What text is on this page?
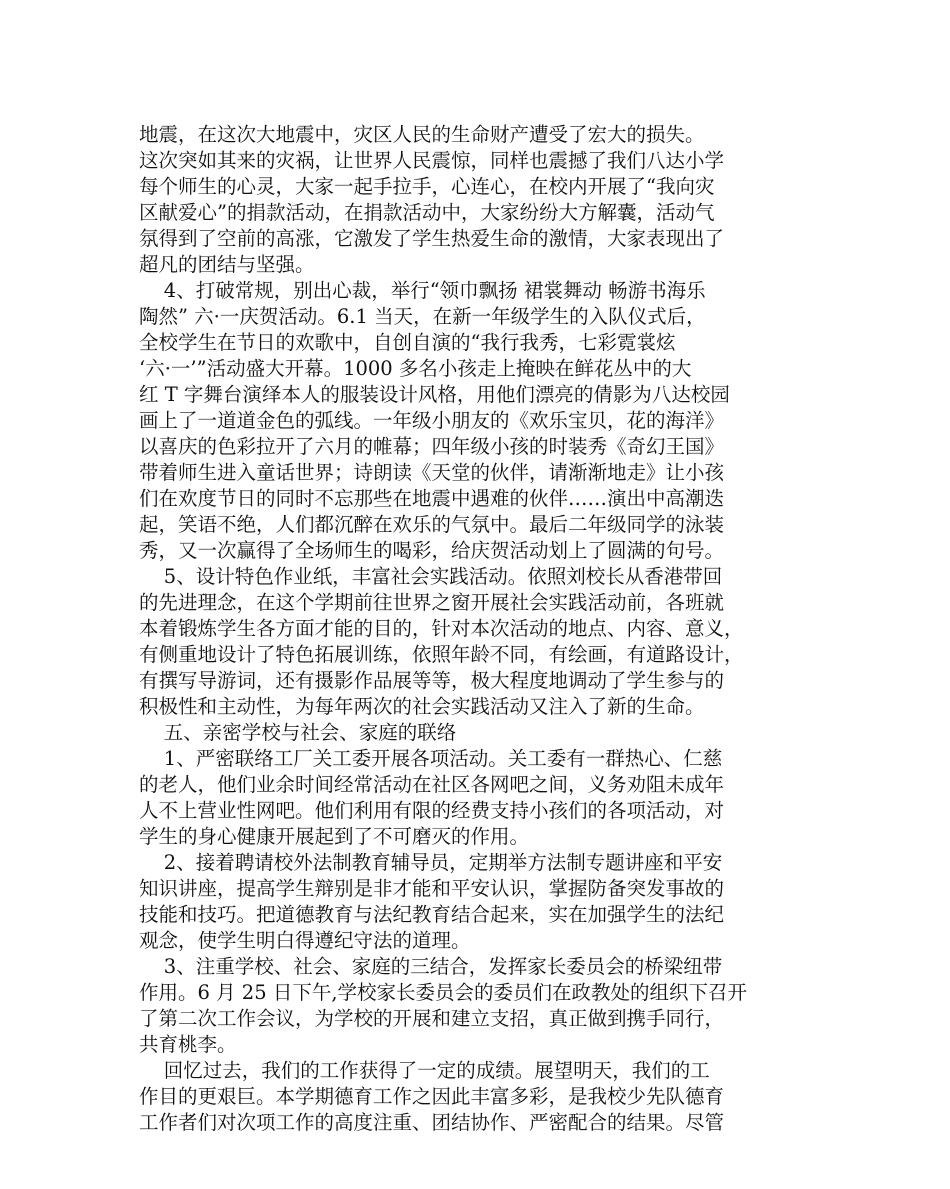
地震，在这次大地震中，灾区人民的生命财产遭受了宏大的损失。
这次突如其来的灾祸，让世界人民震惊，同样也震撼了我们八达小学
每个师生的心灵，大家一起手拉手，心连心，在校内开展了“我向灾
区献爱心”的捐款活动，在捐款活动中，大家纷纷大方解囊，活动气
氛得到了空前的高涨，它激发了学生热爱生命的激情，大家表现出了
超凡的团结与坚强。
4、打破常规，别出心裁，举行“领巾飘扬 裙裳舞动 畅游书海乐
陶然” 六·一庆贺活动。6.1 当天，在新一年级学生的入队仪式后，
全校学生在节日的欢歌中，自创自演的“我行我秀，七彩霓裳炫
‘六·一’”活动盛大开幕。1000 多名小孩走上掩映在鲜花丛中的大
红 T 字舞台演绎本人的服装设计风格，用他们漂亮的倩影为八达校园
画上了一道道金色的弧线。一年级小朋友的《欢乐宝贝，花的海洋》
以喜庆的色彩拉开了六月的帷幕；四年级小孩的时装秀《奇幻王国》
带着师生进入童话世界；诗朗读《天堂的伙伴，请渐渐地走》让小孩
们在欢度节日的同时不忘那些在地震中遇难的伙伴……演出中高潮迭
起，笑语不绝，人们都沉醉在欢乐的气氛中。最后二年级同学的泳装
秀，又一次赢得了全场师生的喝彩，给庆贺活动划上了圆满的句号。
5、设计特色作业纸，丰富社会实践活动。依照刘校长从香港带回
的先进理念，在这个学期前往世界之窗开展社会实践活动前，各班就
本着锻炼学生各方面才能的目的，针对本次活动的地点、内容、意义，
有侧重地设计了特色拓展训练，依照年龄不同，有绘画，有道路设计，
有撰写导游词，还有摄影作品展等等，极大程度地调动了学生参与的
积极性和主动性，为每年两次的社会实践活动又注入了新的生命。
五、亲密学校与社会、家庭的联络
1、严密联络工厂关工委开展各项活动。关工委有一群热心、仁慈
的老人，他们业余时间经常活动在社区各网吧之间，义务劝阻未成年
人不上营业性网吧。他们利用有限的经费支持小孩们的各项活动，对
学生的身心健康开展起到了不可磨灭的作用。
2、接着聘请校外法制教育辅导员，定期举方法制专题讲座和平安
知识讲座，提高学生辩别是非才能和平安认识，掌握防备突发事故的
技能和技巧。把道德教育与法纪教育结合起来，实在加强学生的法纪
观念，使学生明白得遵纪守法的道理。
3、注重学校、社会、家庭的三结合，发挥家长委员会的桥梁纽带
作用。6 月 25 日下午,学校家长委员会的委员们在政教处的组织下召开
了第二次工作会议，为学校的开展和建立支招，真正做到携手同行，
共育桃李。
回忆过去，我们的工作获得了一定的成绩。展望明天，我们的工
作目的更艰巨。本学期德育工作之因此丰富多彩，是我校少先队德育
工作者们对次项工作的高度注重、团结协作、严密配合的结果。尽管
